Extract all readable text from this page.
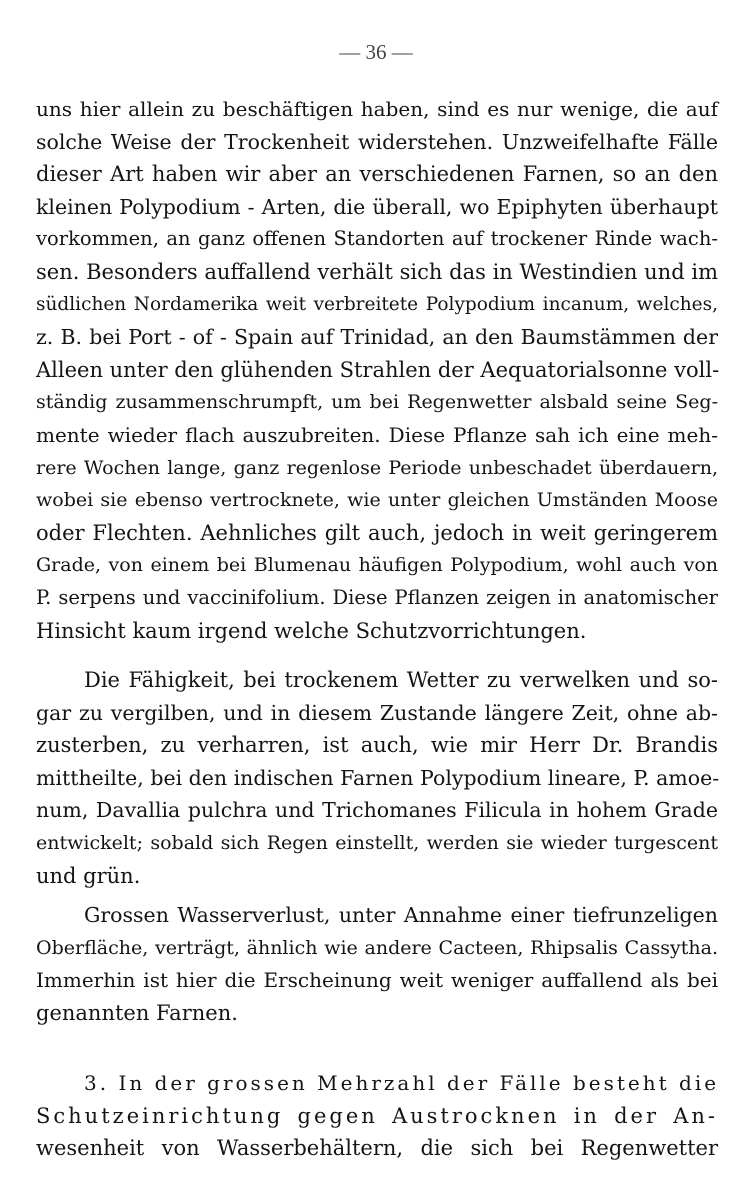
— 36 —
uns hier allein zu beschäftigen haben, sind es nur wenige, die auf
solche Weise der Trockenheit widerstehen. Unzweifelhafte Fälle
dieser Art haben wir aber an verschiedenen Farnen, so an den
kleinen Polypodium - Arten, die überall, wo Epiphyten überhaupt
vorkommen, an ganz offenen Standorten auf trockener Rinde wach-
sen. Besonders auffallend verhält sich das in Westindien und im
südlichen Nordamerika weit verbreitete Polypodium incanum, welches,
z. B. bei Port - of - Spain auf Trinidad, an den Baumstämmen der
Alleen unter den glühenden Strahlen der Aequatorialsonne voll-
ständig zusammenschrumpft, um bei Regenwetter alsbald seine Seg-
mente wieder flach auszubreiten. Diese Pflanze sah ich eine meh-
rere Wochen lange, ganz regenlose Periode unbeschadet überdauern,
wobei sie ebenso vertrocknete, wie unter gleichen Umständen Moose
oder Flechten. Aehnliches gilt auch, jedoch in weit geringerem
Grade, von einem bei Blumenau häufigen Polypodium, wohl auch von
P. serpens und vaccinifolium. Diese Pflanzen zeigen in anatomischer
Hinsicht kaum irgend welche Schutzvorrichtungen.
Die Fähigkeit, bei trockenem Wetter zu verwelken und so-
gar zu vergilben, und in diesem Zustande längere Zeit, ohne ab-
zusterben, zu verharren, ist auch, wie mir Herr Dr. Brandis
mittheilte, bei den indischen Farnen Polypodium lineare, P. amoe-
num, Davallia pulchra und Trichomanes Filicula in hohem Grade
entwickelt; sobald sich Regen einstellt, werden sie wieder turgescent
und grün.
Grossen Wasserverlust, unter Annahme einer tiefrunzeligen
Oberfläche, verträgt, ähnlich wie andere Cacteen, Rhipsalis Cassytha.
Immerhin ist hier die Erscheinung weit weniger auffallend als bei
genannten Farnen.
3. In der grossen Mehrzahl der Fälle besteht die
Schutzeinrichtung gegen Austrocknen in der An-
wesenheit von Wasserbehältern, die sich bei Regenwetter
